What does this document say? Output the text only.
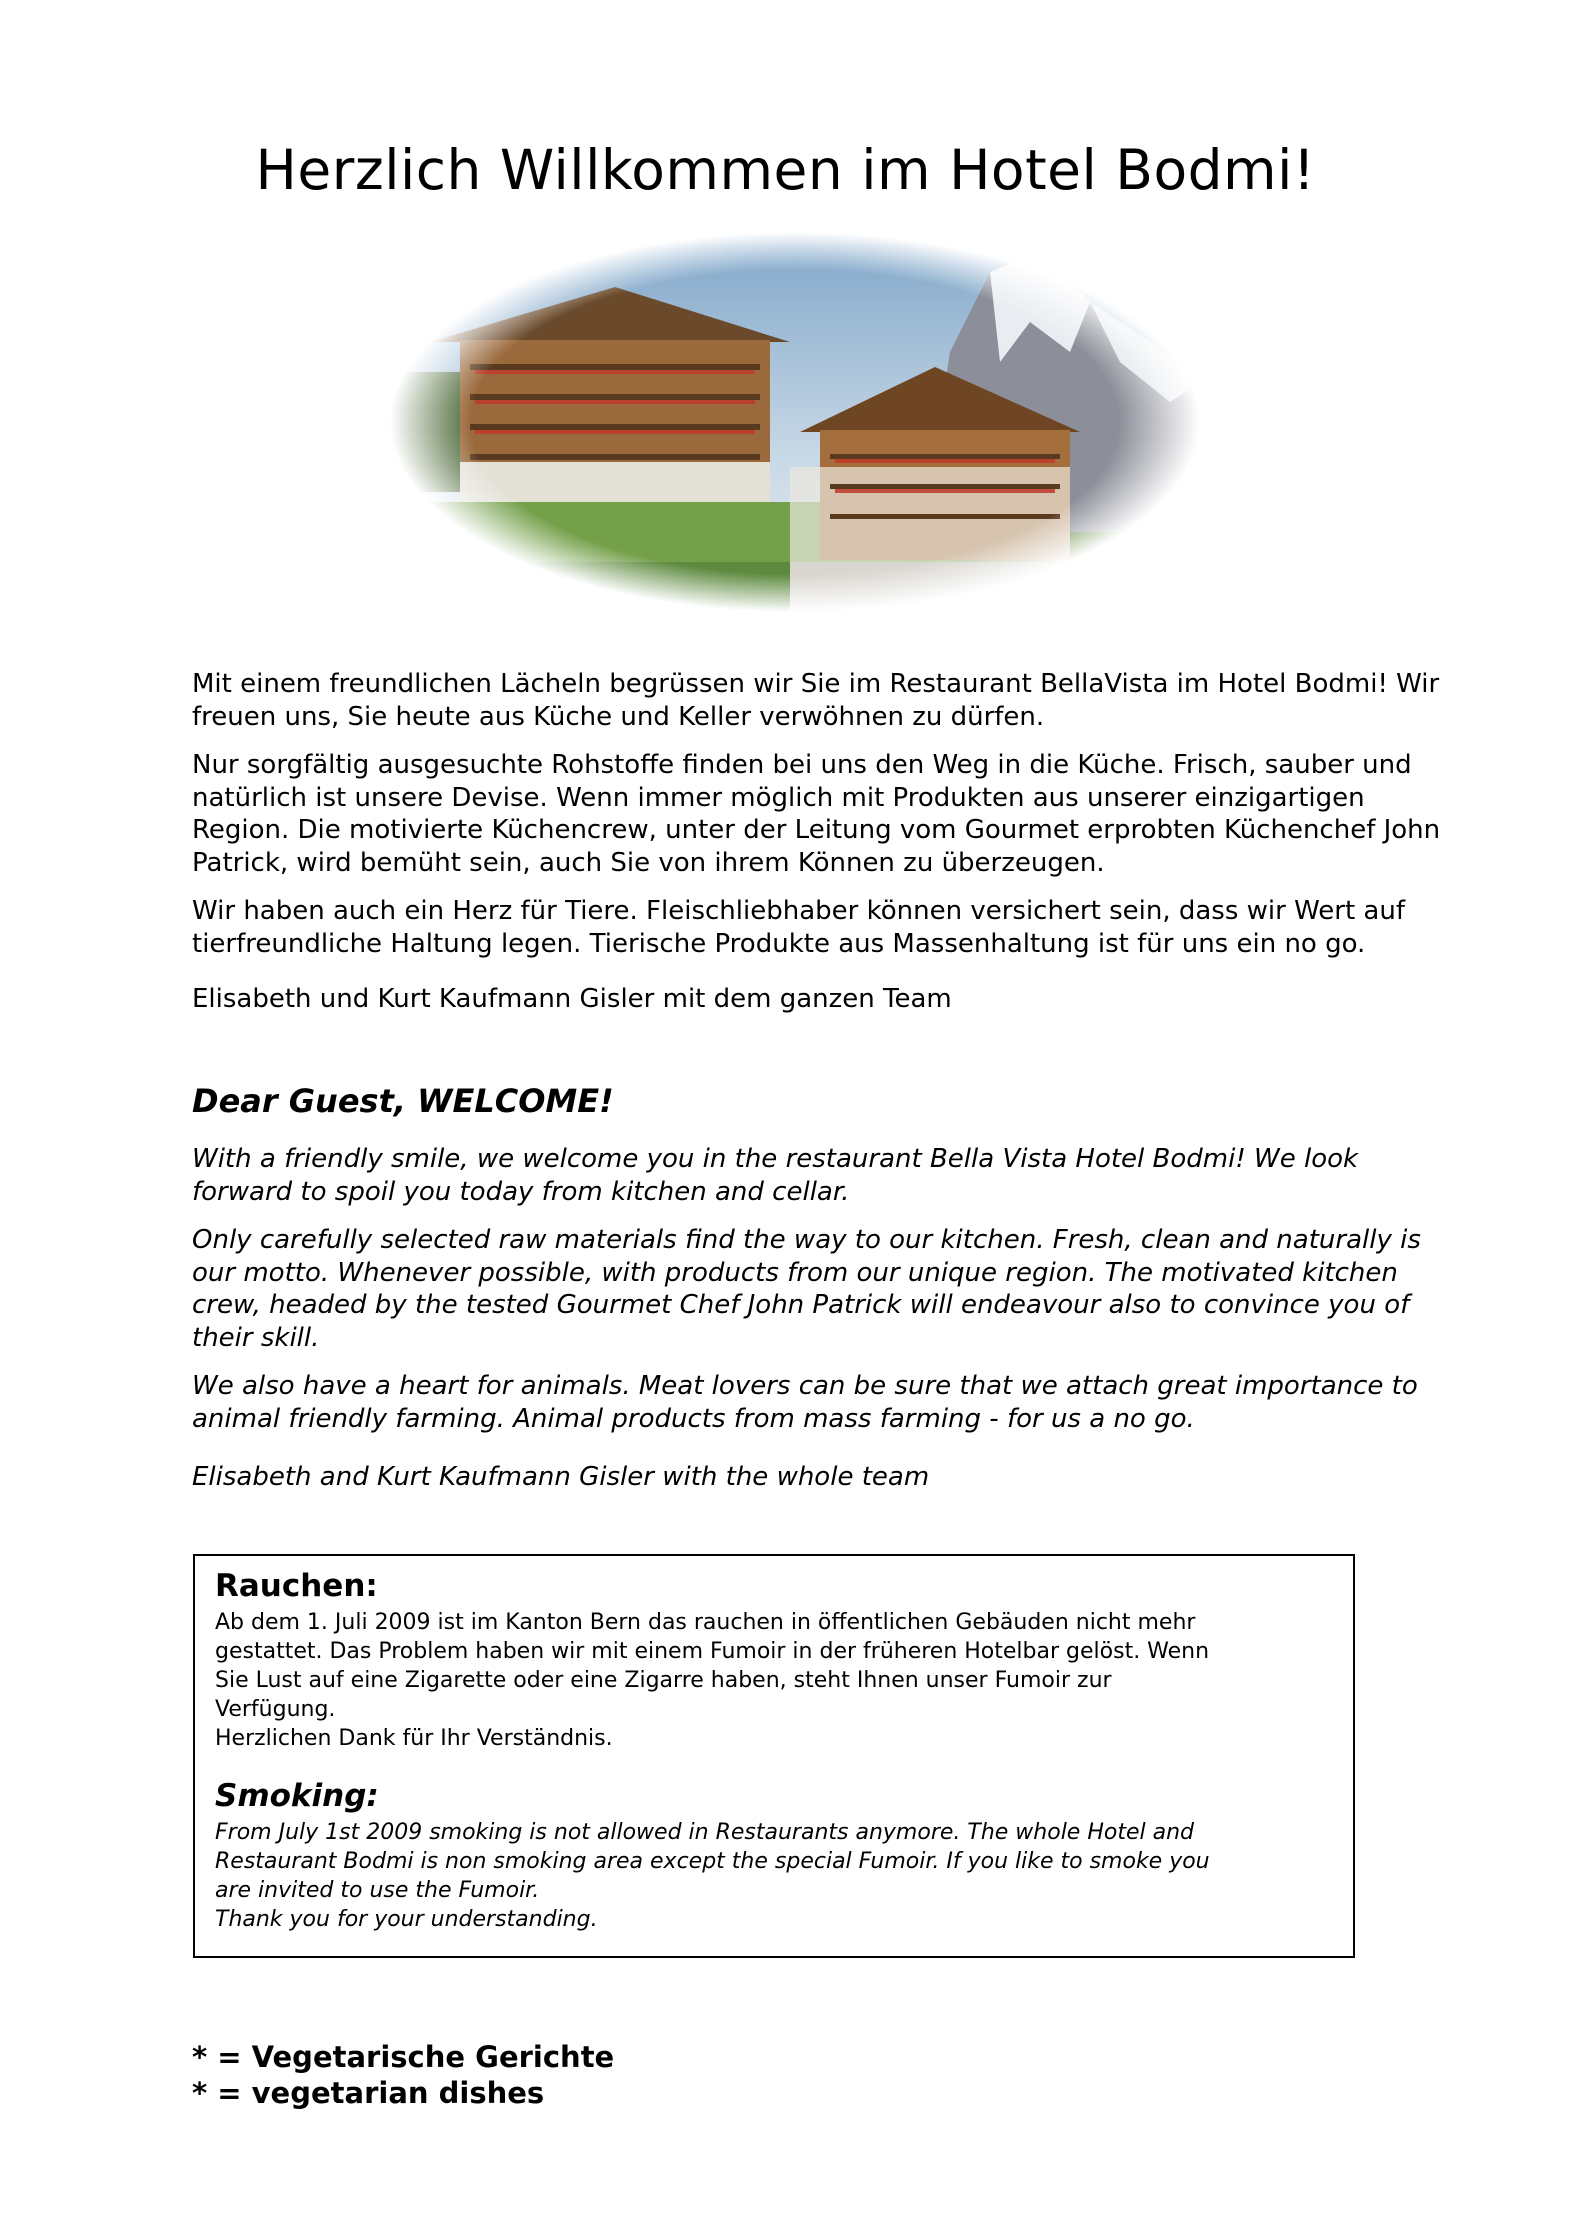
Herzlich Willkommen im Hotel Bodmi!

Mit einem freundlichen Lächeln begrüssen wir Sie im Restaurant BellaVista im Hotel Bodmi! Wir freuen uns, Sie heute aus Küche und Keller verwöhnen zu dürfen.

Nur sorgfältig ausgesuchte Rohstoffe finden bei uns den Weg in die Küche. Frisch, sauber und natürlich ist unsere Devise. Wenn immer möglich mit Produkten aus unserer einzigartigen Region. Die motivierte Küchencrew, unter der Leitung vom Gourmet erprobten Küchenchef John Patrick, wird bemüht sein, auch Sie von ihrem Können zu überzeugen.

Wir haben auch ein Herz für Tiere. Fleischliebhaber können versichert sein, dass wir Wert auf tierfreundliche Haltung legen. Tierische Produkte aus Massenhaltung ist für uns ein no go.

Elisabeth und Kurt Kaufmann Gisler mit dem ganzen Team
Dear Guest, WELCOME!

With a friendly smile, we welcome you in the restaurant Bella Vista Hotel Bodmi! We look forward to spoil you today from kitchen and cellar.

Only carefully selected raw materials find the way to our kitchen. Fresh, clean and naturally is our motto. Whenever possible, with products from our unique region. The motivated kitchen crew, headed by the tested Gourmet Chef John Patrick will endeavour also to convince you of their skill.

We also have a heart for animals. Meat lovers can be sure that we attach great importance to animal friendly farming. Animal products from mass farming - for us a no go.

Elisabeth and Kurt Kaufmann Gisler with the whole team
Rauchen:
Ab dem 1. Juli 2009 ist im Kanton Bern das rauchen in öffentlichen Gebäuden nicht mehr
gestattet. Das Problem haben wir mit einem Fumoir in der früheren Hotelbar gelöst. Wenn
Sie Lust auf eine Zigarette oder eine Zigarre haben, steht Ihnen unser Fumoir zur
Verfügung.
Herzlichen Dank für Ihr Verständnis.
Smoking:
From July 1st 2009 smoking is not allowed in Restaurants anymore. The whole Hotel and
Restaurant Bodmi is non smoking area except the special Fumoir. If you like to smoke you
are invited to use the Fumoir.
Thank you for your understanding.
* = Vegetarische Gerichte
* = vegetarian dishes
